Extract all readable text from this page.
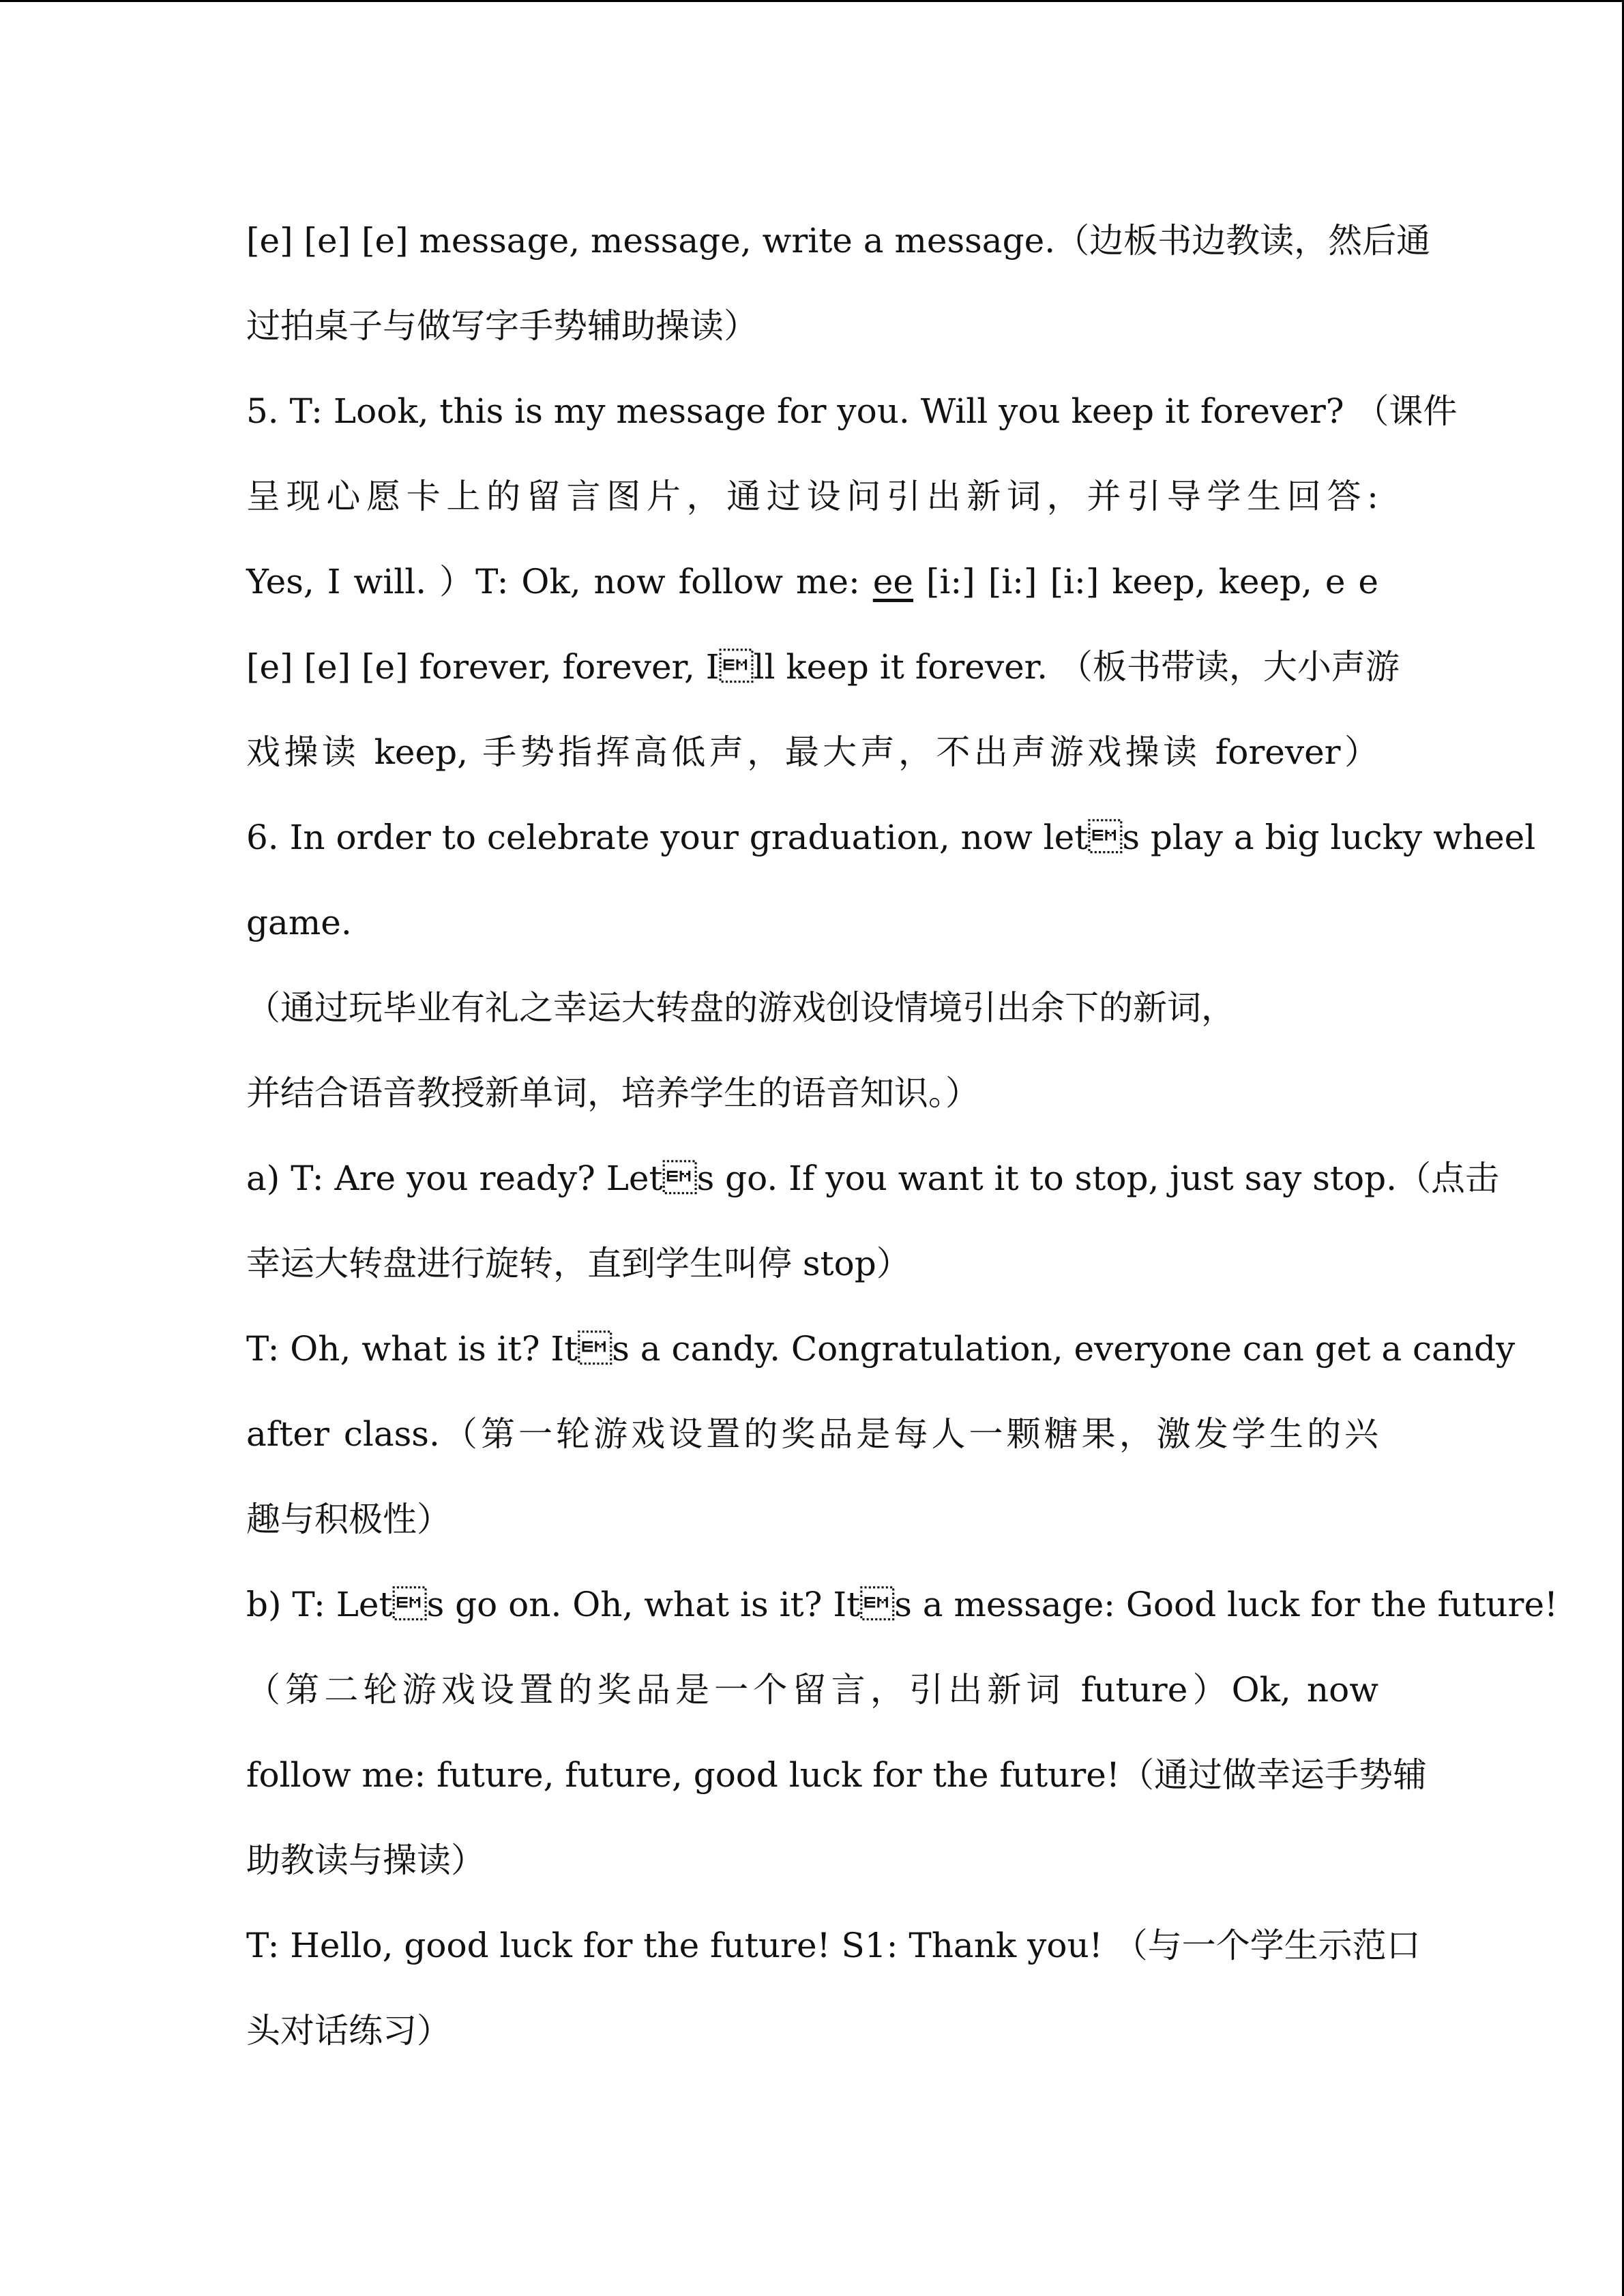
[e] [e] [e] message, message, write a message.（边板书边教读，然后通
过拍桌子与做写字手势辅助操读）
5. T: Look, this is my message for you. Will you keep it forever? （课件
呈现心愿卡上的留言图片，通过设问引出新词，并引导学生回答:
Yes, I will. ）T: Ok, now follow me: ee [i:] [i:] [i:] keep, keep, e e
[e] [e] [e] forever, forever, Ill keep it forever. （板书带读，大小声游
戏操读 keep, 手势指挥高低声，最大声，不出声游戏操读 forever）
6. In order to celebrate your graduation, now lets play a big lucky wheel
game.
（通过玩毕业有礼之幸运大转盘的游戏创设情境引出余下的新词，
并结合语音教授新单词，培养学生的语音知识。）
a) T: Are you ready? Lets go. If you want it to stop, just say stop.（点击
幸运大转盘进行旋转，直到学生叫停 stop）
T: Oh, what is it? Its a candy. Congratulation, everyone can get a candy
after class.（第一轮游戏设置的奖品是每人一颗糖果，激发学生的兴
趣与积极性）
b) T: Lets go on. Oh, what is it? Its a message: Good luck for the future!
（第二轮游戏设置的奖品是一个留言，引出新词 future）Ok, now
follow me: future, future, good luck for the future!（通过做幸运手势辅
助教读与操读）
T: Hello, good luck for the future! S1: Thank you! （与一个学生示范口
头对话练习）
